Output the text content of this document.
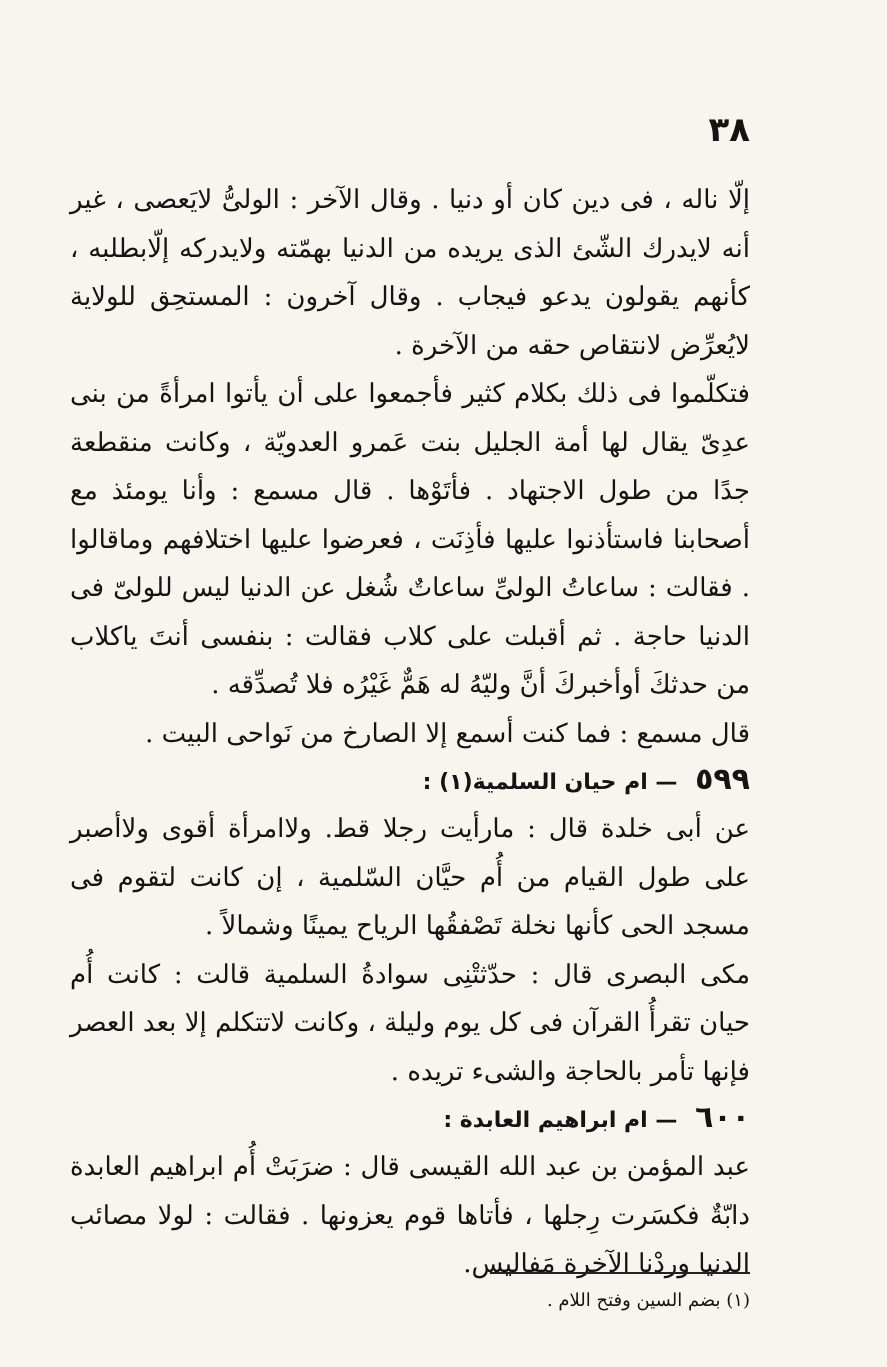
٣٨

إلّا ناله ، فى دين كان أو دنيا . وقال الآخر : الولىُّ لايَعصى ، غير أنه لايدرك الشّئ الذى يريده من الدنيا بهمّته ولايدركه إلّابطلبه ، كأنهم يقولون يدعو فيجاب . وقال آخرون : المستحِق للولاية لايُعرِّض لانتقاص حقه من الآخرة .

فتكلّموا فى ذلك بكلام كثير فأجمعوا على أن يأتوا امرأةً من بنى عدِىّ يقال لها أمة الجليل بنت عَمرو العدويّة ، وكانت منقطعة جدًا من طول الاجتهاد . فأتَوْها . قال مسمع : وأنا يومئذ مع أصحابنا فاستأذنوا عليها فأذِنَت ، فعرضوا عليها اختلافهم وماقالوا . فقالت : ساعاتُ الولىِّ ساعاتٌ شُغل عن الدنيا ليس للولىّ فى الدنيا حاجة . ثم أقبلت على كلاب فقالت : بنفسى أنتَ ياكلاب من حدثكَ أوأخبركَ أنَّ وليّهُ له هَمٌّ غَيْرُه فلا تُصدِّقه .

قال مسمع : فما كنت أسمع إلا الصارخ من نَواحى البيت .

٥٩٩ — ام حيان السلمية(١) :

عن أبى خلدة قال : مارأيت رجلا قط. ولاامرأة أقوى ولاأصبر على طول القيام من أُم حيَّان السّلمية ، إن كانت لتقوم فى مسجد الحى كأنها نخلة تَصْفقُها الرياح يمينًا وشمالاً .

مكى البصرى قال : حدّثتْنِى سوادةُ السلمية قالت : كانت أُم حيان تقرأُ القرآن فى كل يوم وليلة ، وكانت لاتتكلم إلا بعد العصر فإنها تأمر بالحاجة والشىء تريده .

٦٠٠ — ام ابراهيم العابدة :

عبد المؤمن بن عبد الله القيسى قال : ضرَبَتْ أُم ابراهيم العابدة دابّةٌ فكسَرت رِجلها ، فأتاها قوم يعزونها . فقالت : لولا مصائب الدنيا وردْنا الآخرة مَفاليس.

(١) بضم السين وفتح اللام .
